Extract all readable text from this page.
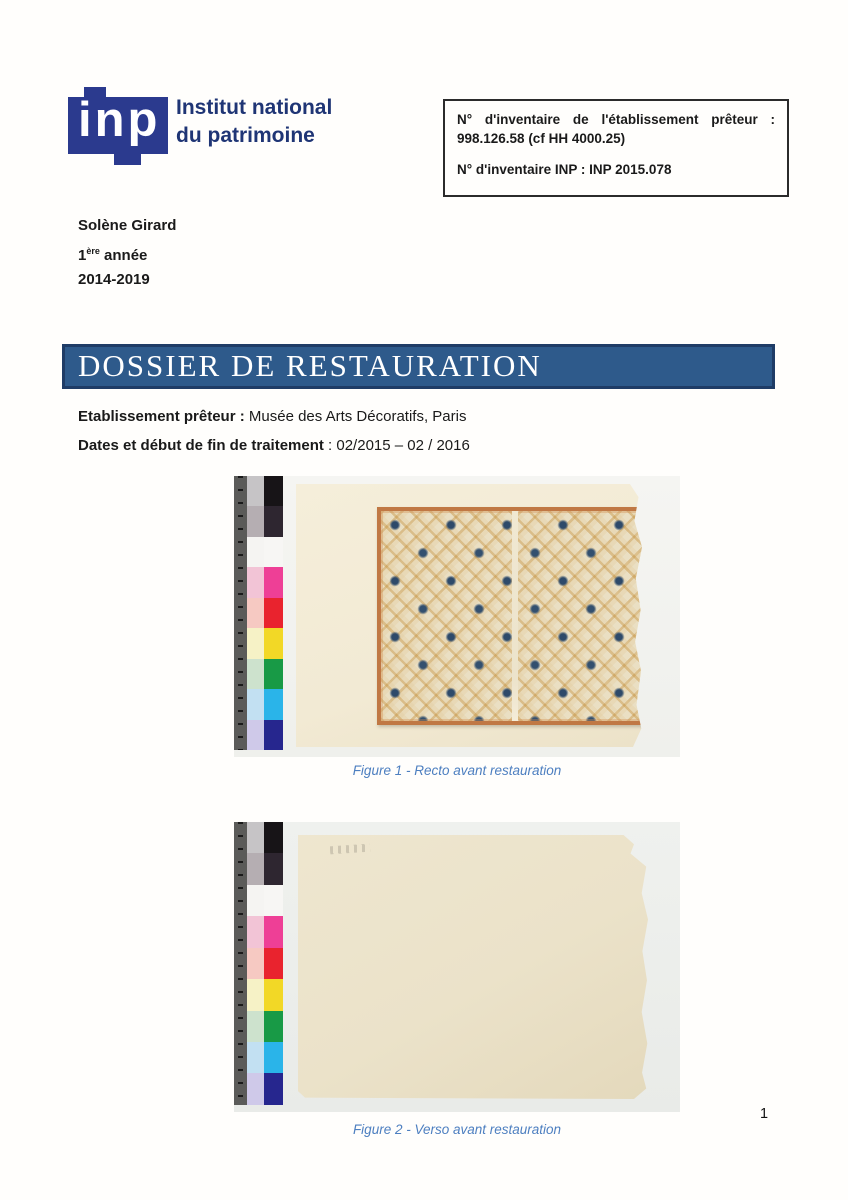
inp Institut national
du patrimoine
N° d'inventaire de l'établissement prêteur :
998.126.58 (cf HH 4000.25)
N° d'inventaire INP : INP 2015.078
Solène Girard
1ère année
2014-2019
DOSSIER DE RESTAURATION
Etablissement prêteur : Musée des Arts Décoratifs, Paris
Dates et début de fin de traitement : 02/2015 – 02 / 2016
Figure 1 - Recto avant restauration
Figure 2 - Verso avant restauration
1
